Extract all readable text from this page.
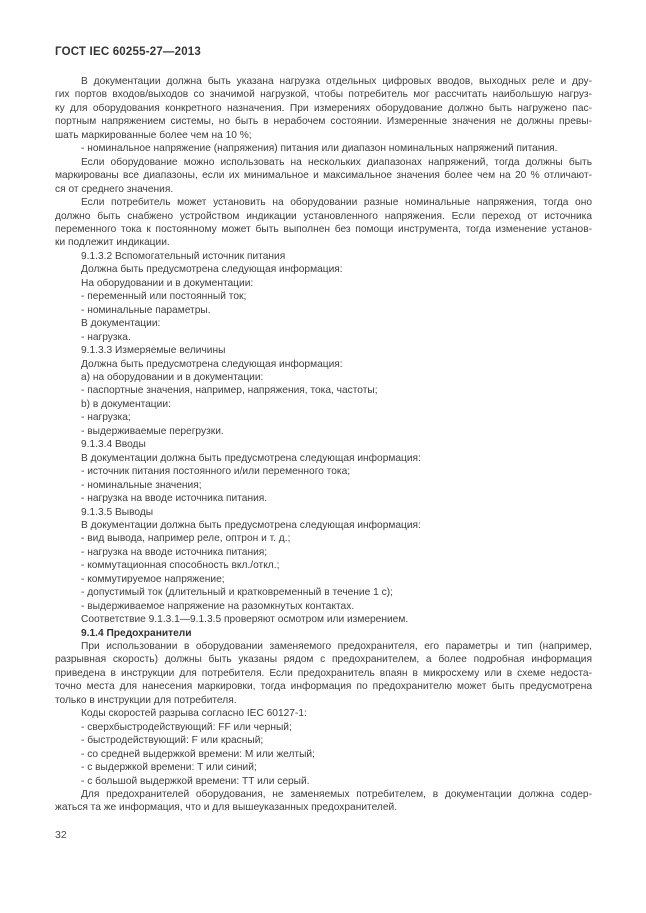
ГОСТ IEC 60255-27—2013
В документации должна быть указана нагрузка отдельных цифровых вводов, выходных реле и дру-
гих портов входов/выходов со значимой нагрузкой, чтобы потребитель мог рассчитать наибольшую нагруз-
ку для оборудования конкретного назначения. При измерениях оборудование должно быть нагружено пас-
портным напряжением системы, но быть в нерабочем состоянии. Измеренные значения не должны превы-
шать маркированные более чем на 10 %;
- номинальное напряжение (напряжения) питания или диапазон номинальных напряжений питания.
Если оборудование можно использовать на нескольких диапазонах напряжений, тогда должны быть
маркированы все диапазоны, если их минимальное и максимальное значения более чем на 20 % отличают-
ся от среднего значения.
Если потребитель может установить на оборудовании разные номинальные напряжения, тогда оно
должно быть снабжено устройством индикации установленного напряжения. Если переход от источника
переменного тока к постоянному может быть выполнен без помощи инструмента, тогда изменение установ-
ки подлежит индикации.
9.1.3.2 Вспомогательный источник питания
Должна быть предусмотрена следующая информация:
На оборудовании и в документации:
- переменный или постоянный ток;
- номинальные параметры.
В документации:
- нагрузка.
9.1.3.3 Измеряемые величины
Должна быть предусмотрена следующая информация:
a) на оборудовании и в документации:
- паспортные значения, например, напряжения, тока, частоты;
b) в документации:
- нагрузка;
- выдерживаемые перегрузки.
9.1.3.4 Вводы
В документации должна быть предусмотрена следующая информация:
- источник питания постоянного и/или переменного тока;
- номинальные значения;
- нагрузка на вводе источника питания.
9.1.3.5 Выводы
В документации должна быть предусмотрена следующая информация:
- вид вывода, например реле, оптрон и т. д.;
- нагрузка на вводе источника питания;
- коммутационная способность вкл./откл.;
- коммутируемое напряжение;
- допустимый ток (длительный и кратковременный в течение 1 с);
- выдерживаемое напряжение на разомкнутых контактах.
Соответствие 9.1.3.1—9.1.3.5 проверяют осмотром или измерением.
9.1.4 Предохранители
При использовании в оборудовании заменяемого предохранителя, его параметры и тип (например,
разрывная скорость) должны быть указаны рядом с предохранителем, а более подробная информация
приведена в инструкции для потребителя. Если предохранитель впаян в микросхему или в схеме недоста-
точно места для нанесения маркировки, тогда информация по предохранителю может быть предусмотрена
только в инструкции для потребителя.
Коды скоростей разрыва согласно IEC 60127-1:
- сверхбыстродействующий: FF или черный;
- быстродействующий: F или красный;
- со средней выдержкой времени: M или желтый;
- с выдержкой времени: T или синий;
- с большой выдержкой времени: TT или серый.
Для предохранителей оборудования, не заменяемых потребителем, в документации должна содер-
жаться та же информация, что и для вышеуказанных предохранителей.
32
